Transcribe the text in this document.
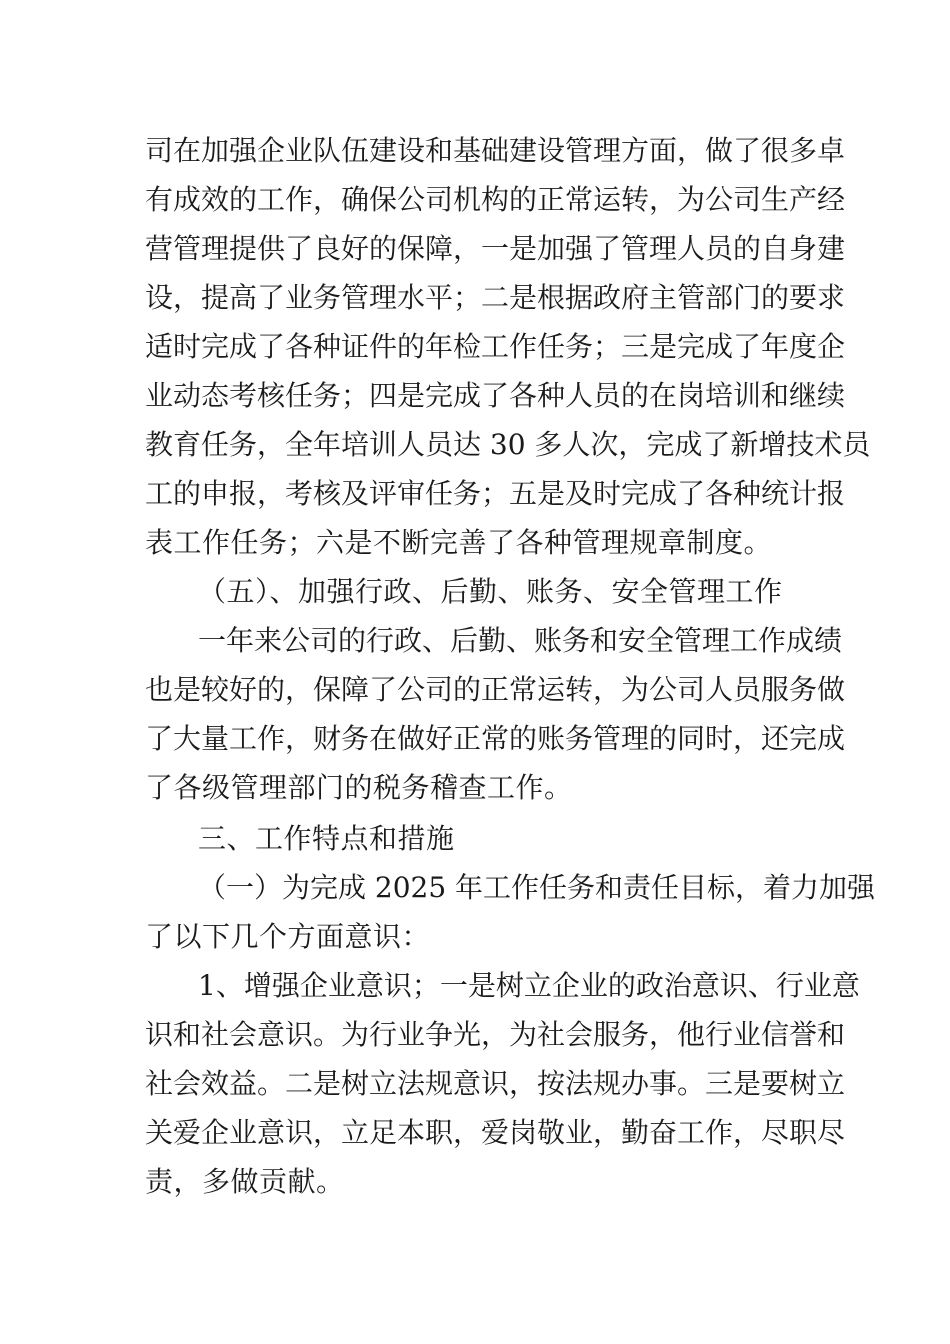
司在加强企业队伍建设和基础建设管理方面，做了很多卓
有成效的工作，确保公司机构的正常运转，为公司生产经
营管理提供了良好的保障，一是加强了管理人员的自身建
设，提高了业务管理水平；二是根据政府主管部门的要求
适时完成了各种证件的年检工作任务；三是完成了年度企
业动态考核任务；四是完成了各种人员的在岗培训和继续
教育任务，全年培训人员达 30 多人次，完成了新增技术员
工的申报，考核及评审任务；五是及时完成了各种统计报
表工作任务；六是不断完善了各种管理规章制度。
（五）、加强行政、后勤、账务、安全管理工作
一年来公司的行政、后勤、账务和安全管理工作成绩
也是较好的，保障了公司的正常运转，为公司人员服务做
了大量工作，财务在做好正常的账务管理的同时，还完成
了各级管理部门的税务稽查工作。
三、工作特点和措施
（一）为完成 2025 年工作任务和责任目标，着力加强
了以下几个方面意识：
1、增强企业意识；一是树立企业的政治意识、行业意
识和社会意识。为行业争光，为社会服务，他行业信誉和
社会效益。二是树立法规意识，按法规办事。三是要树立
关爱企业意识，立足本职，爱岗敬业，勤奋工作，尽职尽
责，多做贡献。
